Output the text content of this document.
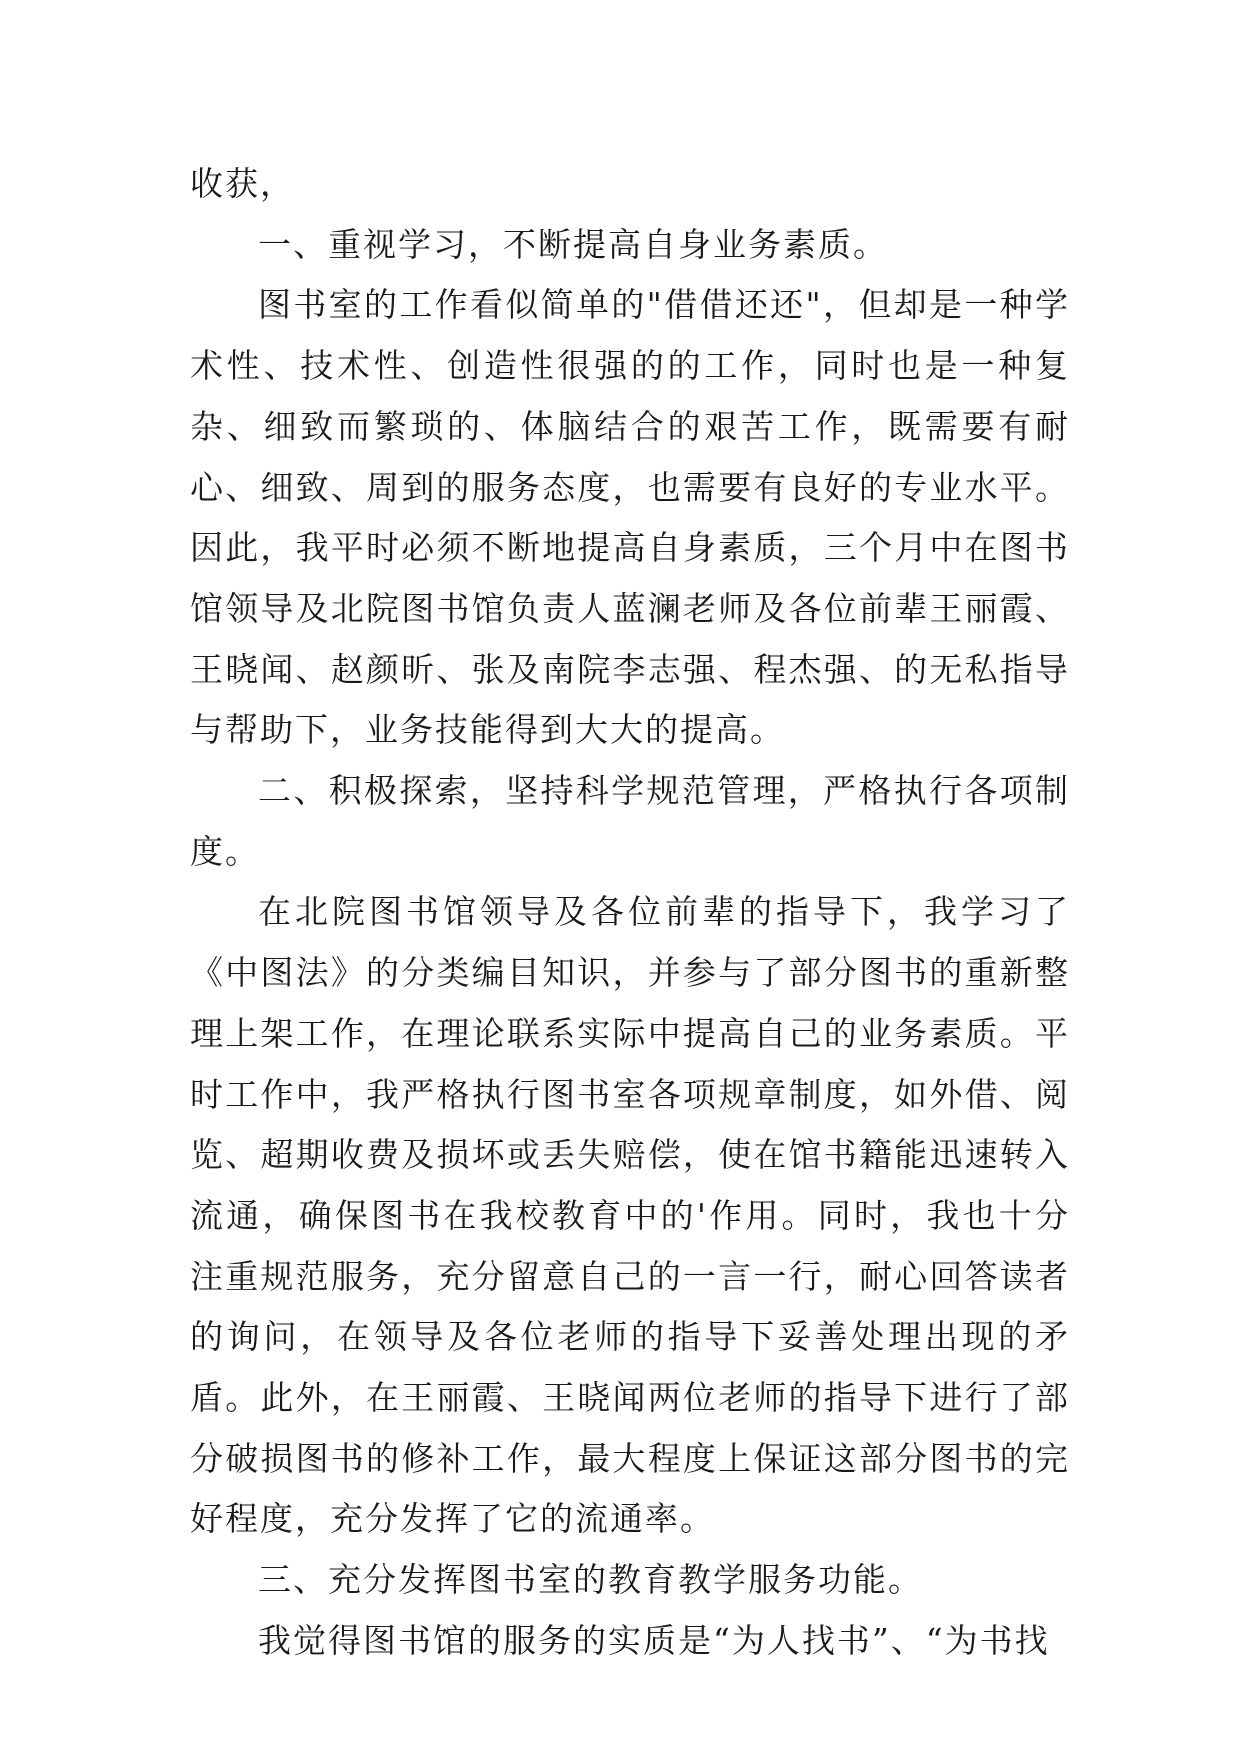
收获，

一、重视学习，不断提高自身业务素质。

图书室的工作看似简单的"借借还还"，但却是一种学术性、技术性、创造性很强的的工作，同时也是一种复杂、细致而繁琐的、体脑结合的艰苦工作，既需要有耐心、细致、周到的服务态度，也需要有良好的专业水平。因此，我平时必须不断地提高自身素质，三个月中在图书馆领导及北院图书馆负责人蓝澜老师及各位前辈王丽霞、王晓闻、赵颜昕、张及南院李志强、程杰强、的无私指导与帮助下，业务技能得到大大的提高。

二、积极探索，坚持科学规范管理，严格执行各项制度。

在北院图书馆领导及各位前辈的指导下，我学习了《中图法》的分类编目知识，并参与了部分图书的重新整理上架工作，在理论联系实际中提高自己的业务素质。平时工作中，我严格执行图书室各项规章制度，如外借、阅览、超期收费及损坏或丢失赔偿，使在馆书籍能迅速转入流通，确保图书在我校教育中的'作用。同时，我也十分注重规范服务，充分留意自己的一言一行，耐心回答读者的询问，在领导及各位老师的指导下妥善处理出现的矛盾。此外，在王丽霞、王晓闻两位老师的指导下进行了部分破损图书的修补工作，最大程度上保证这部分图书的完好程度，充分发挥了它的流通率。

三、充分发挥图书室的教育教学服务功能。

我觉得图书馆的服务的实质是“为人找书”、“为书找
